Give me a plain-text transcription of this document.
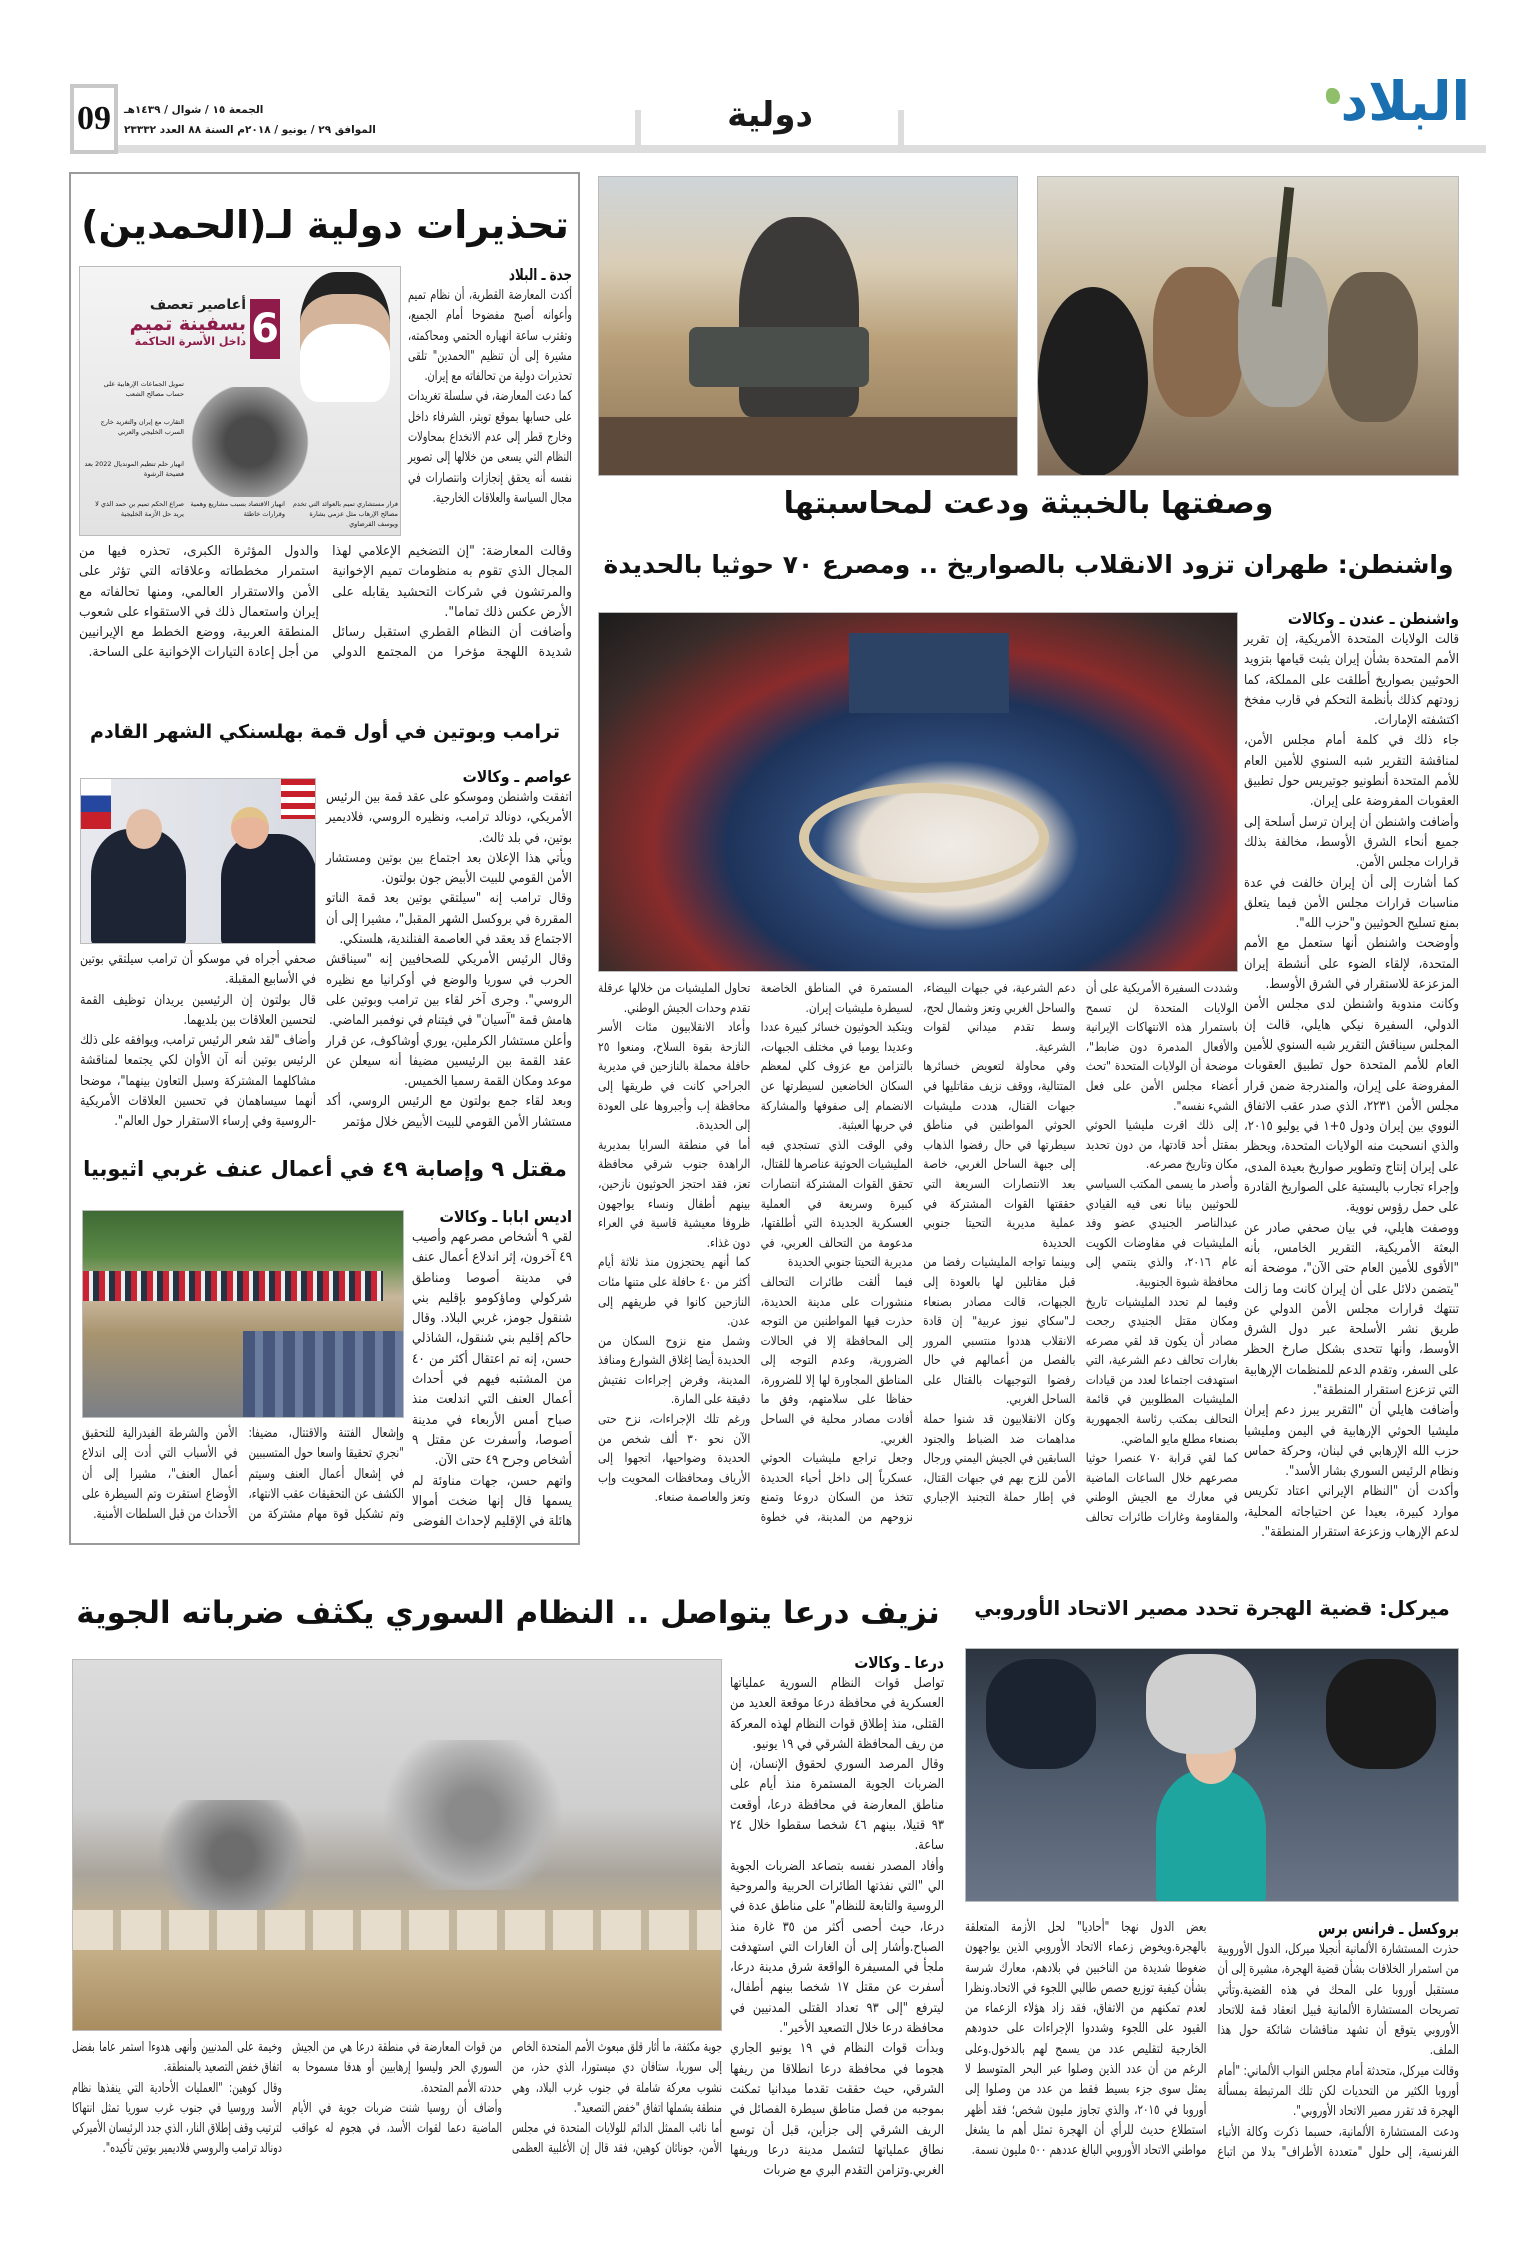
09 الجمعة ١٥ / شوال / ١٤٣٩هـ
الموافق ٢٩ / يونيو / ٢٠١٨م السنة ٨٨ العدد ٢٣٣٣٢	دولية	البلاد
وصفتها بالخبيثة ودعت لمحاسبتها
واشنطن: طهران تزود الانقلاب بالصواريخ .. ومصرع ٧٠ حوثيا بالحديدة
واشنطن ـ عندن ـ وكالات

قالت الولايات المتحدة الأمريكية، إن تقرير الأمم المتحدة بشأن إيران يثبت قيامها بتزويد الحوثيين بصواريخ أطلقت على المملكة، كما زودتهم كذلك بأنظمة التحكم في قارب مفخخ اكتشفته الإمارات.

جاء ذلك في كلمة أمام مجلس الأمن، لمناقشة التقرير شبه السنوي للأمين العام للأمم المتحدة أنطونيو جوتيريس حول تطبيق العقوبات المفروضة على إيران.

وأضافت واشنطن أن إيران ترسل أسلحة إلى جميع أنحاء الشرق الأوسط، مخالفة بذلك قرارات مجلس الأمن.

كما أشارت إلى أن إيران خالفت في عدة مناسبات قرارات مجلس الأمن فيما يتعلق بمنع تسليح الحوثيين و"حزب الله".

وأوضحت واشنطن أنها ستعمل مع الأمم المتحدة، لإلقاء الضوء على أنشطة إيران المزعزعة للاستقرار في الشرق الأوسط.

وكانت مندوبة واشنطن لدى مجلس الأمن الدولي، السفيرة نيكي هايلي، قالت إن المجلس سيناقش التقرير شبه السنوي للأمين العام للأمم المتحدة حول تطبيق العقوبات المفروضة على إيران، والمندرجة ضمن قرار مجلس الأمن ٢٢٣١، الذي صدر عقب الاتفاق النووي بين إيران ودول ٥+١ في يوليو ٢٠١٥، والذي انسحبت منه الولايات المتحدة، ويحظر على إيران إنتاج وتطوير صواريخ بعيدة المدى، وإجراء تجارب باليستية على الصواريخ القادرة على حمل رؤوس نووية.

ووصفت هايلي، في بيان صحفي صادر عن البعثة الأمريكية، التقرير الخامس، بأنه "الأقوى للأمين العام حتى الآن"، موضحة أنه "يتضمن دلائل على أن إيران كانت وما زالت تنتهك قرارات مجلس الأمن الدولي عن طريق نشر الأسلحة عبر دول الشرق الأوسط، وأنها تتحدى بشكل صارخ الحظر على السفر، وتقدم الدعم للمنظمات الإرهابية التي تزعزع استقرار المنطقة".

وأضافت هايلي أن "التقرير يبرز دعم إيران مليشيا الحوثي الإرهابية في اليمن ومليشيا حزب الله الإرهابي في لبنان، وحركة حماس ونظام الرئيس السوري بشار الأسد".

وأكدت أن "النظام الإيراني اعتاد تكريس موارد كبيرة، بعيدا عن احتياجاته المحلية، لدعم الإرهاب وزعزعة استقرار المنطقة".

وشددت السفيرة الأمريكية على أن الولايات المتحدة لن تسمح باستمرار هذه الانتهاكات الإيرانية والأفعال المدمرة دون ضابط"، موضحة أن الولايات المتحدة "تحث أعضاء مجلس الأمن على فعل الشيء نفسه".

إلى ذلك اقرت مليشيا الحوثي بمقتل أحد قادتها، من دون تحديد مكان وتاريخ مصرعه.

وأصدر ما يسمى المكتب السياسي للحوثيين بيانا نعى فيه القيادي عبدالناصر الجنيدي عضو وفد المليشيات في مفاوضات الكويت عام ٢٠١٦، والذي ينتمي إلى محافظة شبوة الجنوبية.

وفيما لم تحدد المليشيات تاريخ ومكان مقتل الجنيدي رجحت مصادر أن يكون قد لقي مصرعه بغارات تحالف دعم الشرعية، التي استهدفت اجتماعا لعدد من قيادات المليشيات المطلوبين في قائمة التحالف بمكتب رئاسة الجمهورية بصنعاء مطلع مايو الماضي.

كما لقي قرابة ٧٠ عنصرا حوثيا مصرعهم خلال الساعات الماضية في معارك مع الجيش الوطني والمقاومة وغارات طائرات تحالف دعم الشرعية، في جبهات البيضاء، والساحل الغربي وتعز وشمال لحج، وسط تقدم ميداني لقوات الشرعية.

وفي محاولة لتعويض خسائرها المتتالية، ووقف نزيف مقاتليها في جبهات القتال، هددت مليشيات الحوثي المواطنين في مناطق سيطرتها في حال رفضوا الذهاب إلى جبهة الساحل الغربي، خاصة بعد الانتصارات السريعة التي حققتها القوات المشتركة في عملية مديرية التحيتا جنوبي الحديدة

وبينما تواجه المليشيات رفضا من قبل مقاتلين لها بالعودة إلى الجبهات، قالت مصادر بصنعاء لـ"سكاي نيوز عربية" إن قادة الانقلاب هددوا منتسبي المرور بالفصل من أعمالهم في حال رفضوا التوجيهات بالقتال على الساحل الغربي.

وكان الانقلابيون قد شنوا حملة مداهمات ضد الضباط والجنود السابقين في الجيش اليمني ورجال الأمن للزج بهم في جبهات القتال، في إطار حملة التجنيد الإجباري المستمرة في المناطق الخاضعة لسيطرة مليشيات إيران.

ويتكبد الحوثيون خسائر كبيرة عددا وعديدا يوميا في مختلف الجبهات، بالتزامن مع عزوف كلي لمعظم السكان الخاضعين لسيطرتها عن الانضمام إلى صفوفها والمشاركة في حربها العبثية.

وفي الوقت الذي تستجدي فيه المليشيات الحوثية عناصرها للقتال، تحقق القوات المشتركة انتصارات كبيرة وسريعة في العملية العسكرية الجديدة التي أطلقتها، مدعومة من التحالف العربي، في مديرية التحيتا جنوبي الحديدة

فيما ألقت طائرات التحالف منشورات على مدينة الحديدة، حذرت فيها المواطنين من التوجه إلى المحافظة إلا في الحالات الضرورية، وعدم التوجه إلى المناطق المجاورة لها إلا للضرورة، حفاظا على سلامتهم، وفق ما أفادت مصادر محلية في الساحل الغربي.

وجعل تراجع مليشيات الحوثي عسكرياً إلى داخل أحياء الحديدة تتخذ من السكان دروعا وتمنع نزوحهم من المدينة، في خطوة تحاول المليشيات من خلالها عرقلة تقدم وحدات الجيش الوطني.

وأعاد الانقلابيون مئات الأسر النازحة بقوة السلاح، ومنعوا ٢٥ حافلة محملة بالنازحين في مديرية الجراحي كانت في طريقها إلى محافظة إب وأجبروها على العودة إلى الحديدة.

أما في منطقة السرايا بمديرية الراهدة جنوب شرقي محافظة تعز، فقد احتجز الحوثيون نازحين، بينهم أطفال ونساء يواجهون ظروفا معيشية قاسية في العراء دون غذاء.

كما أنهم يحتجزون منذ ثلاثة أيام أكثر من ٤٠ حافلة على متنها مئات النازحين كانوا في طريقهم إلى عدن.

وشمل منع نزوح السكان من الحديدة أيضا إغلاق الشوارع ومنافذ المدينة، وفرض إجراءات تفتيش دقيقة على المارة.

ورغم تلك الإجراءات، نزح حتى الآن نحو ٣٠ ألف شخص من الحديدة وضواحيها، اتجهوا إلى الأرياف ومحافظات المحويت وإب وتعز والعاصمة صنعاء.

تحذيرات دولية لـ(الحمدين)
6
أعاصير تعصف
بسفينة تميم
داخل الأسرة الحاكمة
تمويل الجماعات الإرهابية على حساب مصالح الشعب
التقارب مع إيران والتغريد خارج السرب الخليجي والعربي
انهيار حلم تنظيم المونديال 2022 بعد فضيحة الرشوة
فرار مستشاري تميم بالعوائد التي تخدم مصالح الإرهاب مثل عزمي بشارة ويوسف القرضاوي
انهيار الاقتصاد بسبب مشاريع وهمية وقرارات خاطئة
صراع الحكم تميم بن حمد الذي لا يريد حل الأزمة الخليجية
جدة ـ البلاد

أكدت المعارضة القطرية، أن نظام تميم وأعوانه أصبح مفضوحا أمام الجميع، وتقترب ساعة انهياره الحتمي ومحاكمته، مشيرة إلى أن تنظيم "الحمدين" تلقى تحذيرات دولية من تحالفاته مع إيران.

كما دعت المعارضة، في سلسلة تغريدات على حسابها بموقع تويتر، الشرفاء داخل وخارج قطر إلى عدم الانخداع بمحاولات النظام التي يسعى من خلالها إلى تصوير نفسه أنه يحقق إنجازات وانتصارات في مجال السياسة والعلاقات الخارجية.

وقالت المعارضة: "إن التضخيم الإعلامي لهذا المجال الذي تقوم به منظومات تميم الإخوانية والمرتشون في شركات التحشيد يقابله على الأرض عكس ذلك تماما".

وأضافت أن النظام القطري استقبل رسائل شديدة اللهجة مؤخرا من المجتمع الدولي والدول المؤثرة الكبرى، تحذره فيها من استمرار مخططاته وعلاقاته التي تؤثر على الأمن والاستقرار العالمي، ومنها تحالفاته مع إيران واستعمال ذلك في الاستقواء على شعوب المنطقة العربية، ووضع الخطط مع الإيرانيين من أجل إعادة التيارات الإخوانية على الساحة.

ترامب وبوتين في أول قمة بهلسنكي الشهر القادم
عواصم ـ وكالات

اتفقت واشنطن وموسكو على عقد قمة بين الرئيس الأمريكي، دونالد ترامب، ونظيره الروسي، فلاديمير بوتين، في بلد ثالث.

ويأتي هذا الإعلان بعد اجتماع بين بوتين ومستشار الأمن القومي للبيت الأبيض جون بولتون.

وقال ترامب إنه "سيلتقي بوتين بعد قمة الناتو المقررة في بروكسل الشهر المقبل"، مشيرا إلى أن الاجتماع قد يعقد في العاصمة الفنلندية، هلسنكي.

وقال الرئيس الأمريكي للصحافيين إنه "سيناقش الحرب في سوريا والوضع في أوكرانيا مع نظيره الروسي". وجرى آخر لقاء بين ترامب وبوتين على هامش قمة "آسيان" في فيتنام في نوفمبر الماضي.

وأعلن مستشار الكرملين، يوري أوشاكوف، عن قرار عقد القمة بين الرئيسين مضيفا أنه سيعلن عن موعد ومكان القمة رسميا الخميس.

وبعد لقاء جمع بولتون مع الرئيس الروسي، أكد مستشار الأمن القومي للبيت الأبيض خلال مؤتمر

صحفي أجراه في موسكو أن ترامب سيلتقي بوتين في الأسابيع المقبلة.

قال بولتون إن الرئيسين يريدان توظيف القمة لتحسين العلاقات بين بلديهما.

وأضاف "لقد شعر الرئيس ترامب، ويوافقه على ذلك الرئيس بوتين أنه آن الأوان لكي يجتمعا لمناقشة مشاكلهما المشتركة وسبل التعاون بينهما"، موضحا أنهما سيساهمان في تحسين العلاقات الأمريكية -الروسية وفي إرساء الاستقرار حول العالم".

مقتل ٩ وإصابة ٤٩ في أعمال عنف غربي اثيوبيا
اديس ابابا ـ وكالات

لقي ٩ أشخاص مصرعهم وأصيب ٤٩ آخرون، إثر اندلاع أعمال عنف في مدينة أصوصا ومناطق شركولي وماؤكومو بإقليم بني شنقول جومز، غربي البلاد. وقال حاكم إقليم بني شنقول، الشاذلي حسن، إنه تم اعتقال أكثر من ٤٠ من المشتبه فيهم في أحداث أعمال العنف التي اندلعت منذ صباح أمس الأربعاء في مدينة أصوصا، وأسفرت عن مقتل ٩ أشخاص وجرح ٤٩ حتى الآن.

واتهم حسن، جهات مناوئة لم يسمها قال إنها ضخت أموالا هائلة في الإقليم لإحداث الفوضى

وإشعال الفتنة والاقتتال، مضيفا: "نجري تحقيقا واسعا حول المتسببين في إشعال أعمال العنف وسيتم الكشف عن التحقيقات عقب الانتهاء، وتم تشكيل قوة مهام مشتركة من الأمن والشرطة الفيدرالية للتحقيق في الأسباب التي أدت إلى اندلاع أعمال العنف"، مشيرا إلى أن الأوضاع استقرت وتم السيطرة على الأحداث من قبل السلطات الأمنية.

ميركل: قضية الهجرة تحدد مصير الاتحاد الأوروبي
بروكسل ـ فرانس برس

حذرت المستشارة الألمانية أنجيلا ميركل، الدول الأوروبية من استمرار الخلافات بشأن قضية الهجرة، مشيرة إلى أن مستقبل أوروبا على المحك في هذه القضية.وتأتي تصريحات المستشارة الألمانية قبيل انعقاد قمة للاتحاد الأوروبي يتوقع أن تشهد مناقشات شائكة حول هذا الملف.

وقالت ميركل، متحدثة أمام مجلس النواب الألماني: "أمام أوروبا الكثير من التحديات لكن تلك المرتبطة بمسألة الهجرة قد تقرر مصير الاتحاد الأوروبي".

ودعت المستشارة الألمانية، حسبما ذكرت وكالة الأنباء الفرنسية، إلى حلول "متعددة الأطراف" بدلا من اتباع بعض الدول نهجا "أحاديا" لحل الأزمة المتعلقة بالهجرة.ويخوض زعماء الاتحاد الأوروبي الذين يواجهون ضغوطا شديدة من الناخبين في بلادهم، معارك شرسة بشأن كيفية توزيع حصص طالبي اللجوء في الاتحاد.ونظرا لعدم تمكنهم من الاتفاق، فقد زاد هؤلاء الزعماء من القيود على اللجوء وشددوا الإجراءات على حدودهم الخارجية لتقليص عدد من يسمح لهم بالدخول.وعلى الرغم من أن عدد الذين وصلوا عبر البحر المتوسط لا يمثل سوى جزء بسيط فقط من عدد من وصلوا إلى أوروبا في ٢٠١٥، والذي تجاوز مليون شخص؛ فقد أظهر استطلاع حديث للرأي أن الهجرة تمثل أهم ما يشغل مواطني الاتحاد الأوروبي البالغ عددهم ٥٠٠ مليون نسمة.

نزيف درعا يتواصل .. النظام السوري يكثف ضرباته الجوية
درعا ـ وكالات

تواصل قوات النظام السورية عملياتها العسكرية في محافظة درعا موقعة العديد من القتلى، منذ إطلاق قوات النظام لهذه المعركة من ريف المحافظة الشرقي في ١٩ يونيو.

وقال المرصد السوري لحقوق الإنسان، إن الضربات الجوية المستمرة منذ أيام على مناطق المعارضة في محافظة درعا، أوقعت ٩٣ قتيلا، بينهم ٤٦ شخصا سقطوا خلال ٢٤ ساعة.

وأفاد المصدر نفسه بتصاعد الضربات الجوية الي "التي نفذتها الطائرات الحربية والمروحية الروسية والتابعة للنظام" على مناطق عدة في درعا، حيث أحصى أكثر من ٣٥ غارة منذ الصباح.وأشار إلى أن الغارات التي استهدفت ملجأ في المسيفرة الواقعة شرق مدينة درعا، أسفرت عن مقتل ١٧ شخصا بينهم أطفال، ليترفع "إلى ٩٣ تعداد القتلى المدنيين في محافظة درعا خلال التصعيد الأخير".

وبدأت قوات النظام في ١٩ يونيو الجاري هجوما في محافظة درعا انطلاقا من ريفها الشرقي، حيث حققت تقدما ميدانيا تمكنت بموجبه من فصل مناطق سيطرة الفصائل في الريف الشرقي إلى جزأين، قبل أن توسع نطاق عملياتها لتشمل مدينة درعا وريفها الغربي.وتزامن التقدم البري مع ضربات

جوية مكثفة، ما أثار قلق مبعوث الأمم المتحدة الخاص إلى سوريا، ستافان دي ميستورا، الذي حذر، من نشوب معركة شاملة في جنوب غرب البلاد، وهي منطقة يشملها اتفاق "خفض التصعيد".

أما نائب الممثل الدائم للولايات المتحدة في مجلس الأمن، جوناثان كوهين، فقد قال إن الأغلبية العظمى من قوات المعارضة في منطقة درعا هي من الجيش السوري الحر وليسوا إرهابيين أو هدفا مسموحا به حددته الأمم المتحدة.

وأضاف أن روسيا شنت ضربات جوية في الأيام الماضية دعما لقوات الأسد، في هجوم له عواقب وخيمة على المدنيين وأنهى هدوءا استمر عاما بفضل اتفاق خفض التصعيد بالمنطقة.

وقال كوهين: "العمليات الأحادية التي ينفذها نظام الأسد وروسيا في جنوب غرب سوريا تمثل انتهاكا لترتيب وقف إطلاق النار، الذي جدد الرئيسان الأميركي دونالد ترامب والروسي فلاديمير بوتين تأكيده".
